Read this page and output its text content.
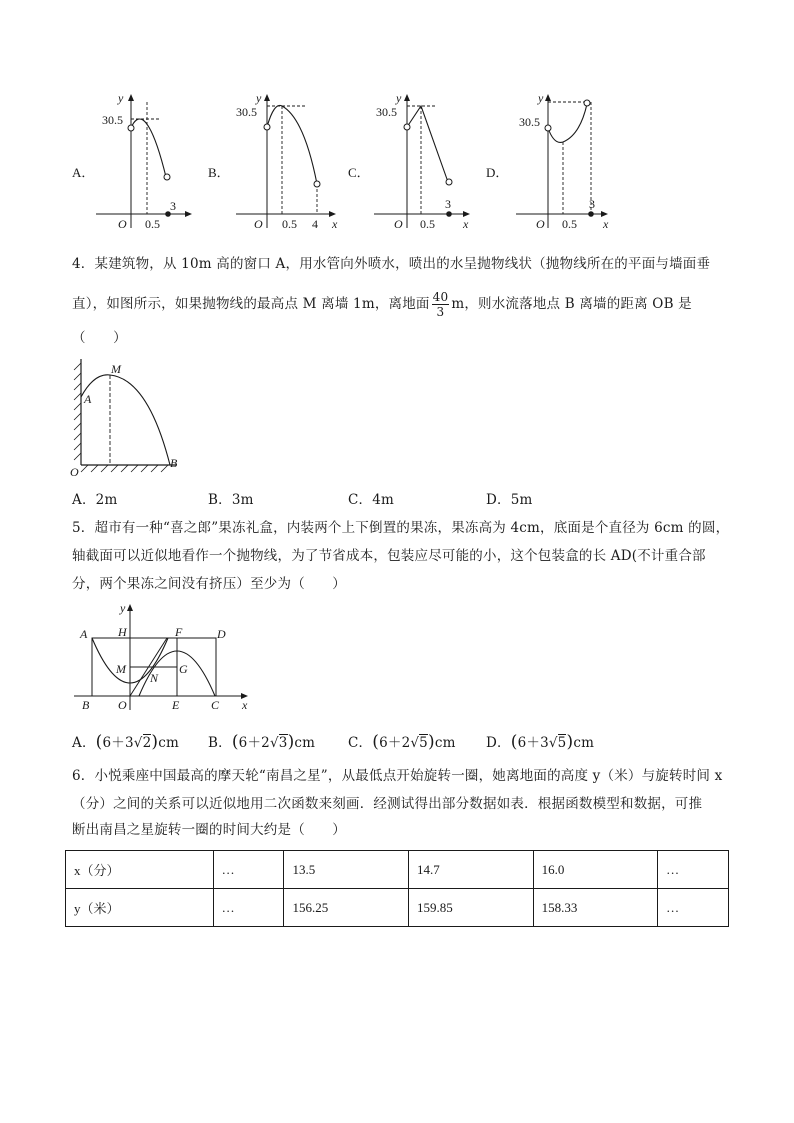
A．
y
30.5
O 0.5
3
B．
y
30.5
O 0.5 4 x
C．
y
30.5
O 0.5
3
x
D．
y
30.5
O 0.5
3
x
4．某建筑物，从 10m 高的窗口 A，用水管向外喷水，喷出的水呈抛物线状（抛物线所在的平面与墙面垂
直），如图所示，如果抛物线的最高点 M 离墙 1m，离地面 $\frac{40}{3}$ m，则水流落地点 B 离墙的距离 OB 是
（　　）
M
A
O
B
A．2m	B．3m	C．4m	D．5m
5．超市有一种“喜之郎”果冻礼盒，内装两个上下倒置的果冻，果冻高为 4cm，底面是个直径为 6cm 的圆，
轴截面可以近似地看作一个抛物线，为了节省成本，包装应尽可能的小，这个包装盒的长 AD(不计重合部
分，两个果冻之间没有挤压）至少为（　　）
y
A	H	F	D
M	G
N
B O	E	C x
A．(6＋3√2)cm B．(6＋2√3)cm C．(6＋2√5)cm D．(6＋3√5)cm
6．小悦乘座中国最高的摩天轮“南昌之星”，从最低点开始旋转一圈，她离地面的高度 y（米）与旋转时间 x
（分）之间的关系可以近似地用二次函数来刻画．经测试得出部分数据如表．根据函数模型和数据，可推
断出南昌之星旋转一圈的时间大约是（　　）
x（分）	…	13.5	14.7	16.0	…
y（米）	…	156.25	159.85	158.33	…
